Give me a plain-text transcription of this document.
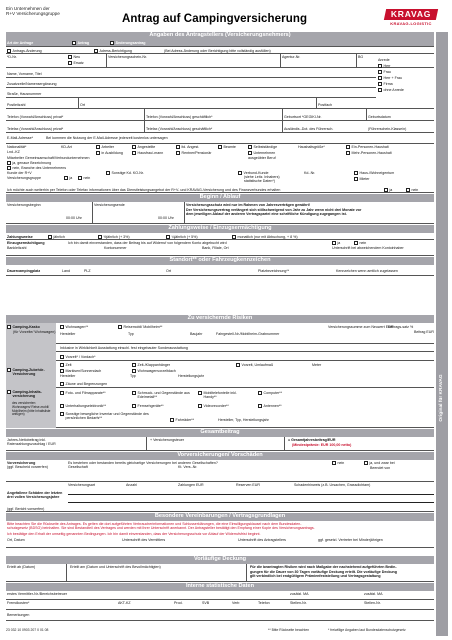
Ein Unternehmen der
R+V Versicherungsgruppe	Antrag auf Campingversicherung	KRAVAG
KRAVAG-LOGISTIC
Original für KRAVAG
Angaben des Antragstellers (Versicherungsnehmers)
Art der Anfrage	Antrag	Änderungsantrag
Antrags-Änderung	Adress-Berichtigung	(Bei Adress-Änderung oder Berichtigung bitte vollständig ausfüllen)
*D-Nr.	Neu
Ersatz
Versicherungsschein-Nr.	Agentur-Nr.	BG
Name, Vorname, Titel
Zusatzzeile/Namensergänzung
Straße, Hausnummer
Anrede
Herr
Frau
Herr + Frau
Firma
ohne Anrede
Postleitzahl	Ort	Postfach
Telefon (Vorwahl/Anschluss) privat*	Telefon (Vorwahl/Anschluss) geschäftlich*	Geburtsort *GEGIKI-Nr.	Geburtsdatum
Telefax (Vorwahl/Anschluss) privat*	Telefax (Vorwahl/Anschluss) geschäftlich*	Ausländis.-Dot. des Führersch.	(Führerschein-Klasse/n)
E-Mail-Adresse*	Bei kommen die Nutzung der E-Mail-Adresse jederzeit kostenlos untersagen
Nationalität*
Lnd.-KZ
KD-Art	Arbeiter	Angestellte	ltd. Angest.	Beamte	Selbstständige	Haushaltsgröße*	Ein-Personen-Haushalt
in Ausbildung	Hausfrau/-mann	Rentner/Pensionär	Unternehmen	Mehr-Personen-Haushalt
Mitarbeiter Gemeinsamschaft/Verbundunternehmen	ausgeübter Beruf
ja, genaue Bezeichnung
nein, Branche des Unternehmens
Kunde der R+V
Versicherungsgruppe	ja	nein
Sonstige Kd. KO-Nr.	Verbund-Kunde
(siehe Leitz. Inhabers)
statistische Daten*)
Kd.-Nr.	Haus-/Wohneigentum
Mieter
Ich möchte auch weiterhin per Telefon oder Telefax informationen über das Dienstleistungsangebot der R+V- und KRAVAG-Versicherung und des Finanzverbundes erhalten	ja	nein
Beginn / Ablauf
Versicherungsbeginn
00:00 Uhr
Versicherungsende
00:00 Uhr
Versicherungsschutz wird nur im Rahmen von Jahresverträgen gewährt!
Der Versicherungsvertrag verlängert sich stillschweigend von Jahr zu Jahr wenn nicht drei Monate vor
dem jeweiligen Ablauf der anderen Vertragspartei eine schriftliche Kündigung zugegangen ist.
Zahlungsweise / Einzugsermächtigung
Zahlungsweise	jährlich	½jährlich (+ 3%)	¼jährlich (+ 5%)	monatlich (nur mit Abbuchung, + 8 %)
Einzugsermächtigung	Ich bin damit einverstanden, dass der Beitrag bis auf Widerruf von folgendem Konto abgebucht wird	ja	nein
Bankleitzahl	Kontonummer	Bank, Filiale, Ort	Unterschrift bei abweichendem Kontoinhaber
Standort** oder Fahrzeugkennzeichen
Dauercampingplatz	Land	PLZ	Ort	Platzbezeichnung**	Kennzeichen wenn amtlich zugelassen
Zu versichernde Risiken
Camping-Kasko
(für Vorzelte/ Wohnwagen)
Wohnwagen**	Reisemobil/ Mobilheim**
Hersteller	Typ	Baujahr	Fahrgestell-Nr./Mobilheim-Grabnummer
Versicherungssumme zum Neuwert EUR
Beitrags-satz %
Beitrag EUR
Inklusive in Wirklichkeit Ausstattung einschl. fest eingebauter Sonderausstattung
Vorzelt* / Vordach*
Camping-Zubehör-Versicherung
Zelt	Zelt-/Klappanhänger	Vorzelt, Umlaufmaß	Meter
Markisen/Sonnendach	Wohnwagenvorzeltdach
Hersteller	Typ	Herstellungsjahr
Zäune und Begrenzungen
Camping-Inhalts-versicherung
des versicherten Wohnwagen/ Reise-mobil/ Mobilheim (bitte Inhaltsliste anfügen)
Foto- und Filmapparate**	Schmuck- und Gegenstände aus Edelmetall**
Mobiltelefonteile inkl. Handy**
Computer**
Unterhaltungselektronik**	Fernsehgeräte**	Videorecorder**	Antennen**
Sonstige bewegliche Inventar und Gegenstände des persönlichen Bedarfs**	Fahrräder**	Hersteller, Typ, Herstellungsjahr
Gesamtbeitrag
Jahres-Nettobeitrag inkl. Ratenzahlungszuschlag / EUR
+ Versicherungsteuer	= Gesamtjahresbeitrag/EUR
(Mindestprämie: EUR 100,00 netto)
Vorversicherungen/ Vorschäden
Vorversicherung
(ggf. Bescheid vorwerfen)
Es bestehen oder bestanden bereits gleichartige Versicherungen bei anderen Gesellschaften?	nein	ja, und zwar bei
Gesellschaft	Kt. Vers.-Nr.	Beendet von
Angefallene Schäden der letzten drei vollen Versicherungsjahre
(ggf. Bericht vorwerfen)
Versicherungsart	Anzahl	Zahlungen EUR	Reserven EUR	Schadenhinweis (z.B. Ursachen, Grassdichtam)
Besondere Vereinbarungen / Vertragsgrundlagen
Bitte beachten Sie die Rückseite des Antrages. Es gelten die dort aufgeführten Verbraucherinformationen und Schlusserklärungen, die eine Einwilligungsklausel nach dem Bundesdaten-
schutzgesetz (BDSG) beinhalten. Sie sind Bestandteil des Vertrages und werden mit Ihrer Unterschrift anerkannt. Der Antragsteller bestätigt den Empfang einer Kopie des Versicherungsantrags.
Ich bestätige den Erhalt der umseitig genannten Bedingungen. Ich bin damit einverstanden, dass der Versicherungsschutz vor Ablauf der Widerrufsfrist beginnt.
Ort, Datum	Unterschrift des Vermittlers	Unterschrift des Antragstellers	ggf. gesetzl. Vertreter bei Minderjährigen
Vorläufige Deckung
Erteilt ab (Datum)	Erteilt am (Datum und Unterschrift des Bevollmächtigten)	Für die beantragten Risiken wird nach Maßgabe der nachstehend aufgeführten Bedin-
gungen für die Dauer von 30 Tagen vorläufige Deckung erteilt. Die vorläufige Deckung
gilt verbindlich bei endgültigem Prämienfeststellung und Vertragsgestaltung
Interne statistische Daten
erstes Vermittler-Nr./Bereichsbetreuer	zusätzl. MA	zusätzl. MA
Fremdkosten*	AKT-KZ	Prod.	SVB	Verb	Telefon	Stellen-Nr.	Stellen-Nr.
Bemerkungen
23 032 10 0903 207 0 01 08	** Bitte Rückseite beachten	* freiwillige Angaben laut Bundesdatenschutzgesetz
